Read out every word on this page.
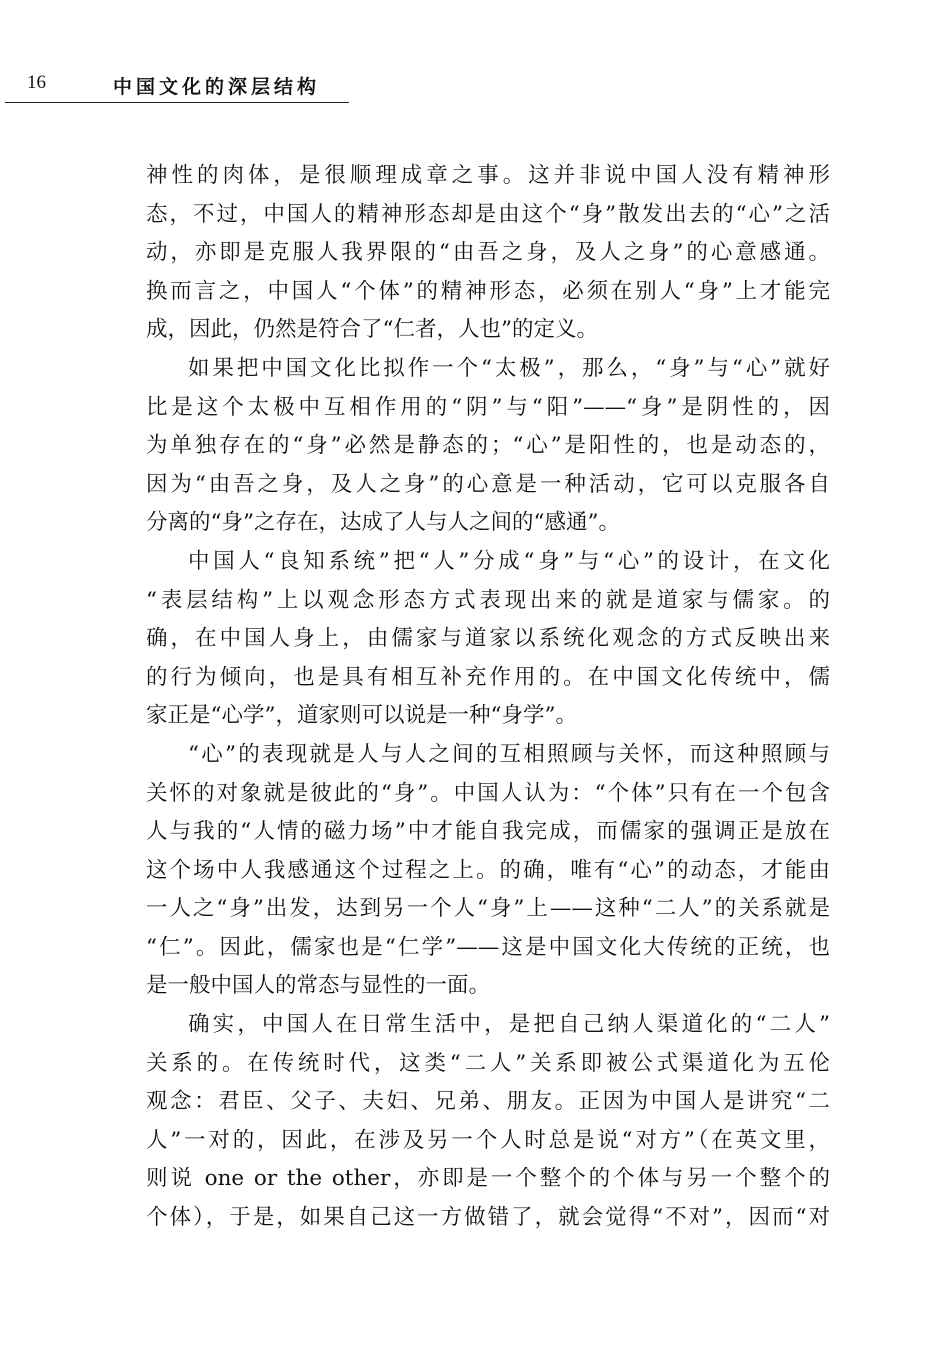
16	中国文化的深层结构
神性的肉体，是很顺理成章之事。这并非说中国人没有精神形
态，不过，中国人的精神形态却是由这个“身”散发出去的“心”之活
动，亦即是克服人我界限的“由吾之身，及人之身”的心意感通。
换而言之，中国人“个体”的精神形态，必须在别人“身”上才能完
成，因此，仍然是符合了“仁者，人也”的定义。
如果把中国文化比拟作一个“太极”，那么，“身”与“心”就好
比是这个太极中互相作用的“阴”与“阳”——“身”是阴性的，因
为单独存在的“身”必然是静态的；“心”是阳性的，也是动态的，
因为“由吾之身，及人之身”的心意是一种活动，它可以克服各自
分离的“身”之存在，达成了人与人之间的“感通”。
中国人“良知系统”把“人”分成“身”与“心”的设计，在文化
“表层结构”上以观念形态方式表现出来的就是道家与儒家。的
确，在中国人身上，由儒家与道家以系统化观念的方式反映出来
的行为倾向，也是具有相互补充作用的。在中国文化传统中，儒
家正是“心学”，道家则可以说是一种“身学”。
“心”的表现就是人与人之间的互相照顾与关怀，而这种照顾与
关怀的对象就是彼此的“身”。中国人认为：“个体”只有在一个包含
人与我的“人情的磁力场”中才能自我完成，而儒家的强调正是放在
这个场中人我感通这个过程之上。的确，唯有“心”的动态，才能由
一人之“身”出发，达到另一个人“身”上——这种“二人”的关系就是
“仁”。因此，儒家也是“仁学”——这是中国文化大传统的正统，也
是一般中国人的常态与显性的一面。
确实，中国人在日常生活中，是把自己纳人渠道化的“二人”
关系的。在传统时代，这类“二人”关系即被公式渠道化为五伦
观念：君臣、父子、夫妇、兄弟、朋友。正因为中国人是讲究“二
人”一对的，因此，在涉及另一个人时总是说“对方”（在英文里，
则说 one or the other，亦即是一个整个的个体与另一个整个的
个体），于是，如果自己这一方做错了，就会觉得“不对”，因而“对
